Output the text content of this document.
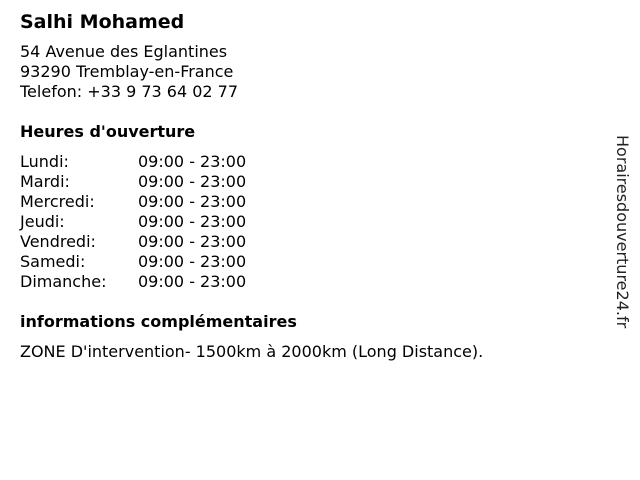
Salhi Mohamed
54 Avenue des Eglantines
93290 Tremblay-en-France
Telefon: +33 9 73 64 02 77
Heures d'ouverture
Lundi:	09:00 - 23:00
Mardi:	09:00 - 23:00
Mercredi:	09:00 - 23:00
Jeudi:	09:00 - 23:00
Vendredi:	09:00 - 23:00
Samedi:	09:00 - 23:00
Dimanche:	09:00 - 23:00
informations complémentaires
ZONE D'intervention- 1500km à 2000km (Long Distance).
Horairesdouverture24.fr
